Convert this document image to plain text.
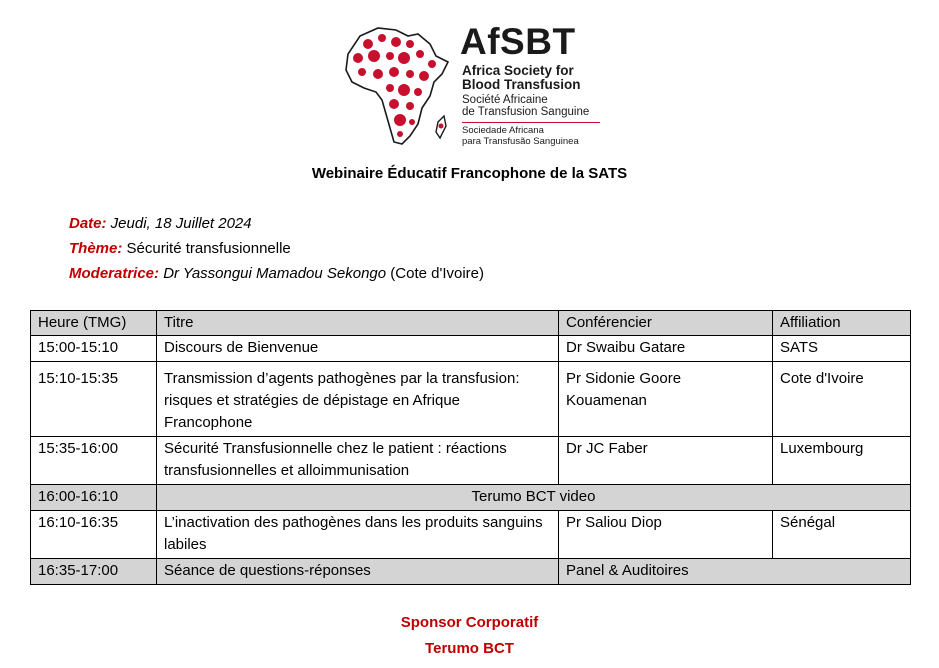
AfSBT
Africa Society for
Blood Transfusion
Société Africaine
de Transfusion Sanguine
Sociedade Africana
para Transfusão Sanguinea
Webinaire Éducatif Francophone de la SATS
Date: Jeudi, 18 Juillet 2024
Thème: Sécurité transfusionnelle
Moderatrice: Dr Yassongui Mamadou Sekongo (Cote d'Ivoire)
Heure (TMG)	Titre	Conférencier	Affiliation
15:00-15:10	Discours de Bienvenue	Dr Swaibu Gatare	SATS
15:10-15:35	Transmission d’agents pathogènes par la transfusion: risques et stratégies de dépistage en Afrique Francophone	Pr Sidonie Goore Kouamenan	Cote d'Ivoire
15:35-16:00	Sécurité Transfusionnelle chez le patient : réactions transfusionnelles et alloimmunisation	Dr JC Faber	Luxembourg
16:00-16:10	Terumo BCT video		
16:10-16:35	L’inactivation des pathogènes dans les produits sanguins labiles	Pr Saliou Diop	Sénégal
16:35-17:00	Séance de questions-réponses	Panel & Auditoires	
Sponsor Corporatif
Terumo BCT
